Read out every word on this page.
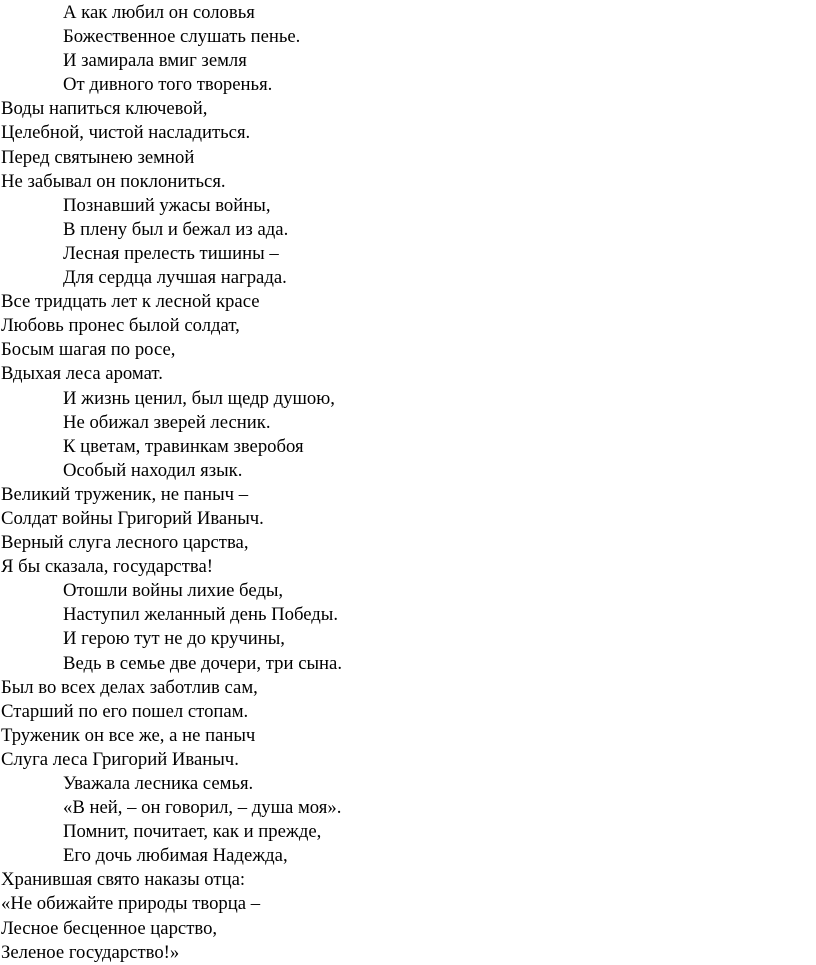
А как любил он соловья
Божественное слушать пенье.
И замирала вмиг земля
От дивного того творенья.
Воды напиться ключевой,
Целебной, чистой насладиться.
Перед святынею земной
Не забывал он поклониться.
Познавший ужасы войны,
В плену был и бежал из ада.
Лесная прелесть тишины –
Для сердца лучшая награда.
Все тридцать лет к лесной красе
Любовь пронес былой солдат,
Босым шагая по росе,
Вдыхая леса аромат.
И жизнь ценил, был щедр душою,
Не обижал зверей лесник.
К цветам, травинкам зверобоя
Особый находил язык.
Великий труженик, не паныч –
Солдат войны Григорий Иваныч.
Верный слуга лесного царства,
Я бы сказала, государства!
Отошли войны лихие беды,
Наступил желанный день Победы.
И герою тут не до кручины,
Ведь в семье две дочери, три сына.
Был во всех делах заботлив сам,
Старший по его пошел стопам.
Труженик он все же, а не паныч
Слуга леса Григорий Иваныч.
Уважала лесника семья.
«В ней, – он говорил, – душа моя».
Помнит, почитает, как и прежде,
Его дочь любимая Надежда,
Хранившая свято наказы отца:
«Не обижайте природы творца –
Лесное бесценное царство,
Зеленое государство!»
